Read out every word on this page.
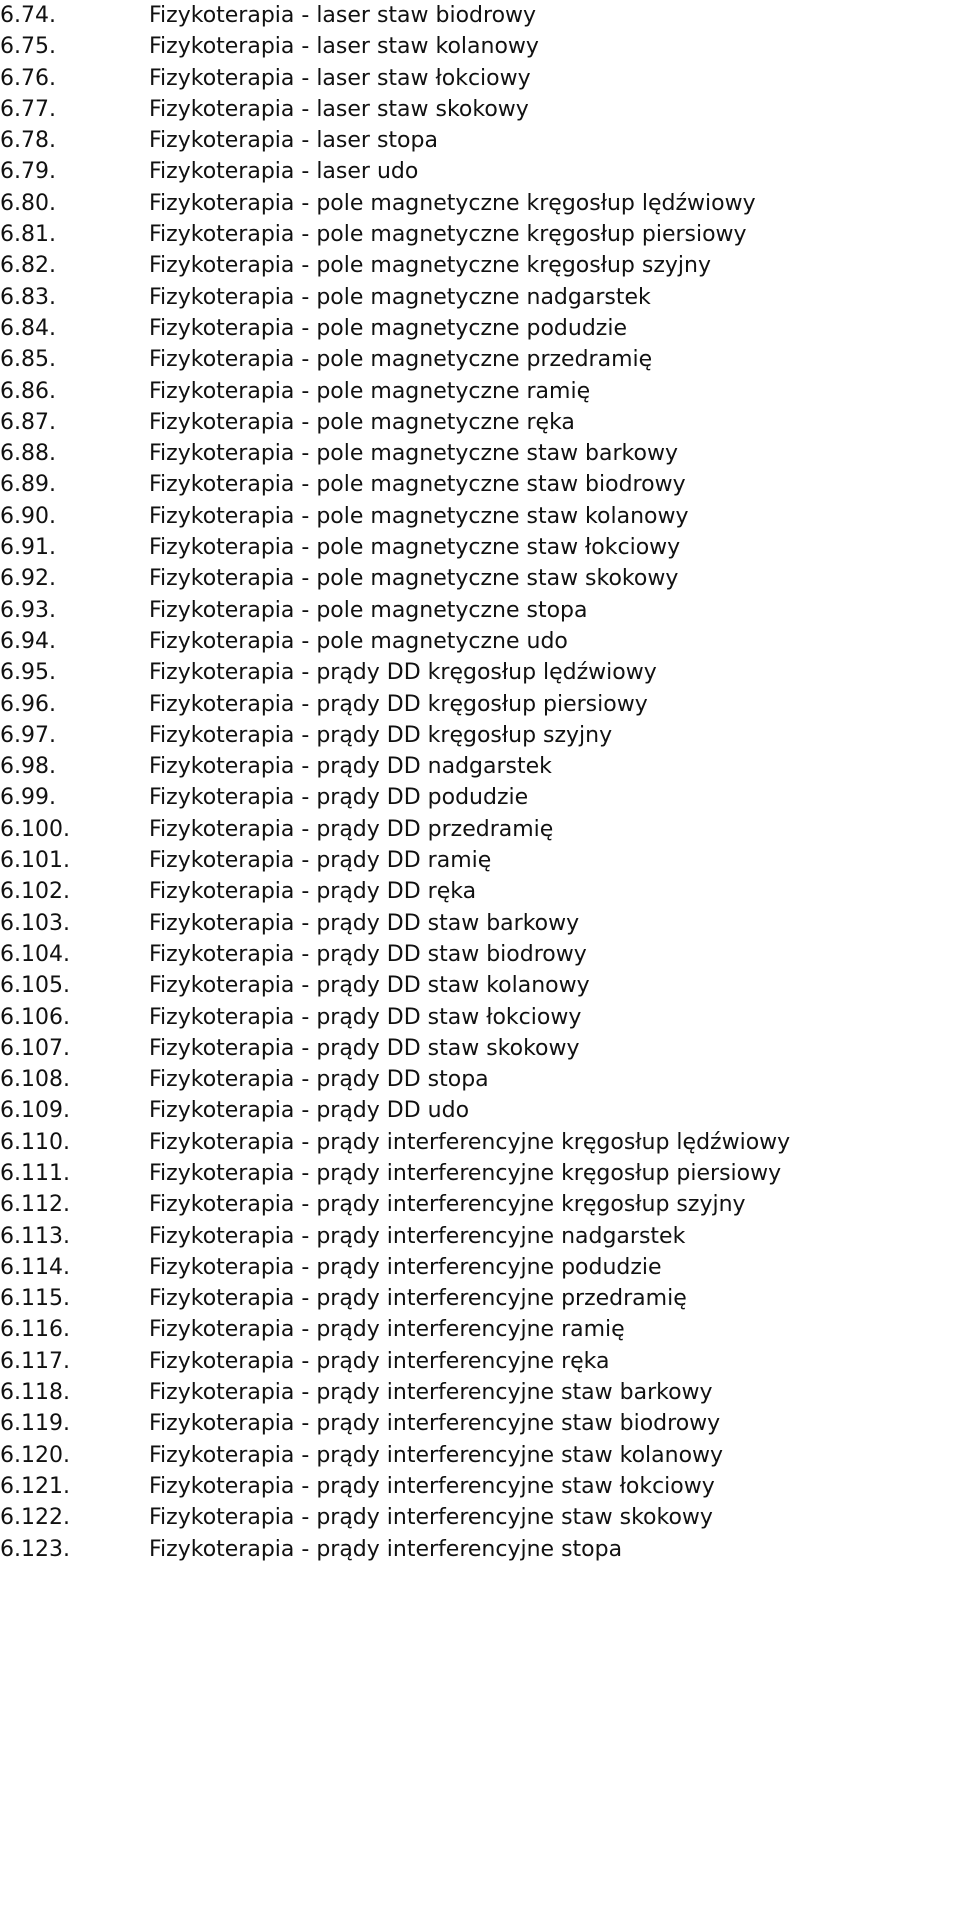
6.74.	Fizykoterapia - laser staw biodrowy
6.75.	Fizykoterapia - laser staw kolanowy
6.76.	Fizykoterapia - laser staw łokciowy
6.77.	Fizykoterapia - laser staw skokowy
6.78.	Fizykoterapia - laser stopa
6.79.	Fizykoterapia - laser udo
6.80.	Fizykoterapia - pole magnetyczne kręgosłup lędźwiowy
6.81.	Fizykoterapia - pole magnetyczne kręgosłup piersiowy
6.82.	Fizykoterapia - pole magnetyczne kręgosłup szyjny
6.83.	Fizykoterapia - pole magnetyczne nadgarstek
6.84.	Fizykoterapia - pole magnetyczne podudzie
6.85.	Fizykoterapia - pole magnetyczne przedramię
6.86.	Fizykoterapia - pole magnetyczne ramię
6.87.	Fizykoterapia - pole magnetyczne ręka
6.88.	Fizykoterapia - pole magnetyczne staw barkowy
6.89.	Fizykoterapia - pole magnetyczne staw biodrowy
6.90.	Fizykoterapia - pole magnetyczne staw kolanowy
6.91.	Fizykoterapia - pole magnetyczne staw łokciowy
6.92.	Fizykoterapia - pole magnetyczne staw skokowy
6.93.	Fizykoterapia - pole magnetyczne stopa
6.94.	Fizykoterapia - pole magnetyczne udo
6.95.	Fizykoterapia - prądy DD kręgosłup lędźwiowy
6.96.	Fizykoterapia - prądy DD kręgosłup piersiowy
6.97.	Fizykoterapia - prądy DD kręgosłup szyjny
6.98.	Fizykoterapia - prądy DD nadgarstek
6.99.	Fizykoterapia - prądy DD podudzie
6.100.	Fizykoterapia - prądy DD przedramię
6.101.	Fizykoterapia - prądy DD ramię
6.102.	Fizykoterapia - prądy DD ręka
6.103.	Fizykoterapia - prądy DD staw barkowy
6.104.	Fizykoterapia - prądy DD staw biodrowy
6.105.	Fizykoterapia - prądy DD staw kolanowy
6.106.	Fizykoterapia - prądy DD staw łokciowy
6.107.	Fizykoterapia - prądy DD staw skokowy
6.108.	Fizykoterapia - prądy DD stopa
6.109.	Fizykoterapia - prądy DD udo
6.110.	Fizykoterapia - prądy interferencyjne kręgosłup lędźwiowy
6.111.	Fizykoterapia - prądy interferencyjne kręgosłup piersiowy
6.112.	Fizykoterapia - prądy interferencyjne kręgosłup szyjny
6.113.	Fizykoterapia - prądy interferencyjne nadgarstek
6.114.	Fizykoterapia - prądy interferencyjne podudzie
6.115.	Fizykoterapia - prądy interferencyjne przedramię
6.116.	Fizykoterapia - prądy interferencyjne ramię
6.117.	Fizykoterapia - prądy interferencyjne ręka
6.118.	Fizykoterapia - prądy interferencyjne staw barkowy
6.119.	Fizykoterapia - prądy interferencyjne staw biodrowy
6.120.	Fizykoterapia - prądy interferencyjne staw kolanowy
6.121.	Fizykoterapia - prądy interferencyjne staw łokciowy
6.122.	Fizykoterapia - prądy interferencyjne staw skokowy
6.123.	Fizykoterapia - prądy interferencyjne stopa
